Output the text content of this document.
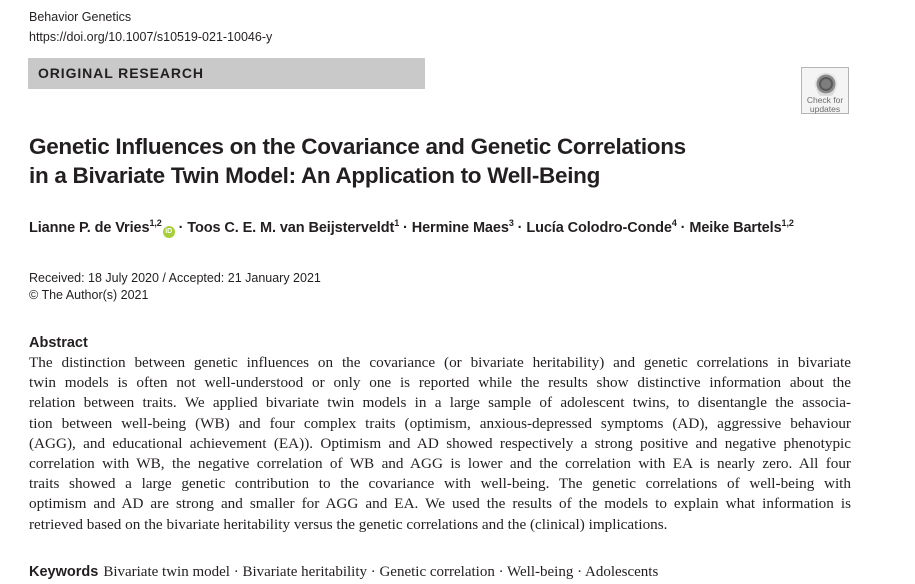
Behavior Genetics
https://doi.org/10.1007/s10519-021-10046-y
ORIGINAL RESEARCH
Check for
updates
Genetic Influences on the Covariance and Genetic Correlations
in a Bivariate Twin Model: An Application to Well-Being
Lianne P. de Vries$^{1,2}$iD · Toos C. E. M. van Beijsterveldt$^1$ · Hermine Maes$^3$ · Lucía Colodro-Conde$^4$ · Meike Bartels$^{1,2}$
Received: 18 July 2020 / Accepted: 21 January 2021
© The Author(s) 2021
Abstract
The distinction between genetic influences on the covariance (or bivariate heritability) and genetic correlations in bivariate
twin models is often not well-understood or only one is reported while the results show distinctive information about the
relation between traits. We applied bivariate twin models in a large sample of adolescent twins, to disentangle the associa-
tion between well-being (WB) and four complex traits (optimism, anxious-depressed symptoms (AD), aggressive behaviour
(AGG), and educational achievement (EA)). Optimism and AD showed respectively a strong positive and negative phenotypic
correlation with WB, the negative correlation of WB and AGG is lower and the correlation with EA is nearly zero. All four
traits showed a large genetic contribution to the covariance with well-being. The genetic correlations of well-being with
optimism and AD are strong and smaller for AGG and EA. We used the results of the models to explain what information is
retrieved based on the bivariate heritability versus the genetic correlations and the (clinical) implications.
Keywords Bivariate twin model · Bivariate heritability · Genetic correlation · Well-being · Adolescents
